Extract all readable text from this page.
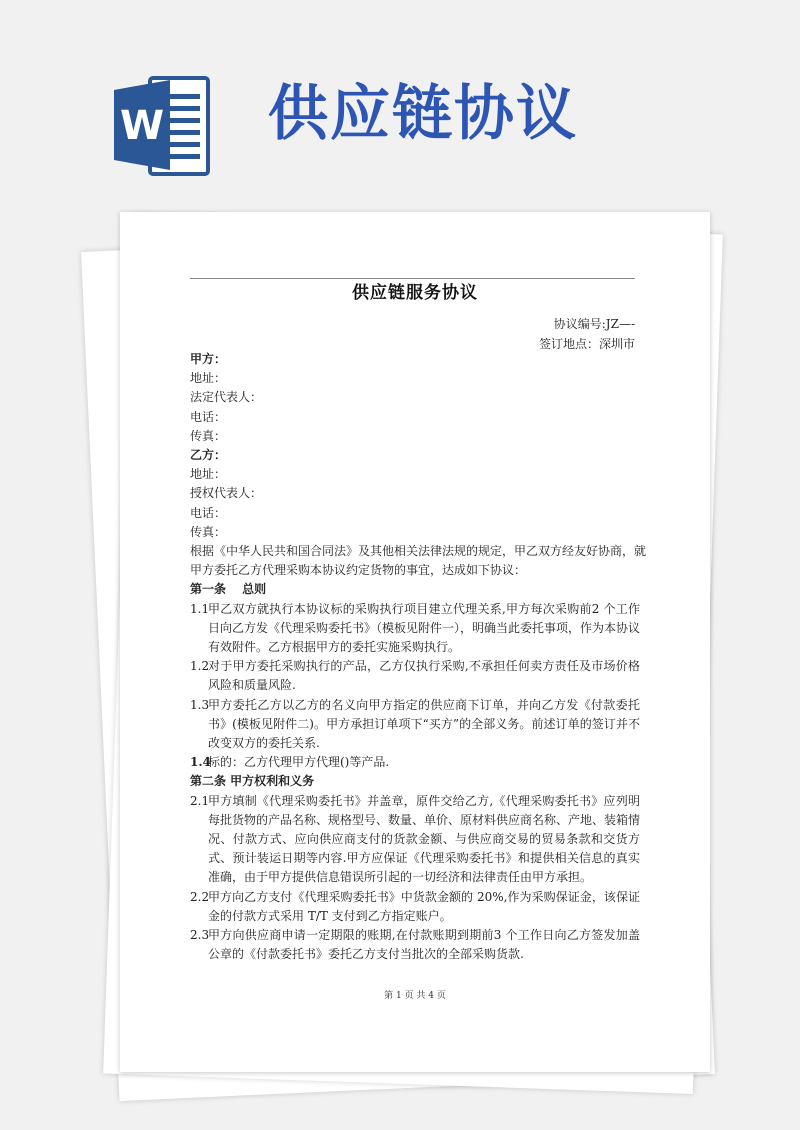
W 供应链协议
供应链服务协议
协议编号:JZ—-
签订地点：深圳市
甲方：
地址：
法定代表人：
电话：
传真：
乙方：
地址：
授权代表人：
电话：
传真：
根据《中华人民共和国合同法》及其他相关法律法规的规定，甲乙双方经友好协商，就
甲方委托乙方代理采购本协议约定货物的事宜，达成如下协议：
第一条　 总则
1.1
甲乙双方就执行本协议标的采购执行项目建立代理关系,甲方每次采购前2 个工作日向乙方发《代理采购委托书》（模板见附件一），明确当此委托事项，作为本协议有效附件。乙方根据甲方的委托实施采购执行。
1.2
对于甲方委托采购执行的产品，乙方仅执行采购,不承担任何卖方责任及市场价格风险和质量风险.
1.3
甲方委托乙方以乙方的名义向甲方指定的供应商下订单，并向乙方发《付款委托书》(模板见附件二)。甲方承担订单项下“买方”的全部义务。前述订单的签订并不改变双方的委托关系.
1.4
标的：乙方代理甲方代理()等产品.
第二条 甲方权利和义务
2.1
甲方填制《代理采购委托书》并盖章，原件交给乙方,《代理采购委托书》应列明每批货物的产品名称、规格型号、数量、单价、原材料供应商名称、产地、装箱情况、付款方式、应向供应商支付的货款金额、与供应商交易的贸易条款和交货方式、预计装运日期等内容.甲方应保证《代理采购委托书》和提供相关信息的真实准确，由于甲方提供信息错误所引起的一切经济和法律责任由甲方承担。
2.2
甲方向乙方支付《代理采购委托书》中货款金额的 20%,作为采购保证金，该保证金的付款方式采用 T/T 支付到乙方指定账户。
2.3
甲方向供应商申请一定期限的账期,在付款账期到期前3 个工作日向乙方签发加盖公章的《付款委托书》委托乙方支付当批次的全部采购货款.
第 1 页 共 4 页
